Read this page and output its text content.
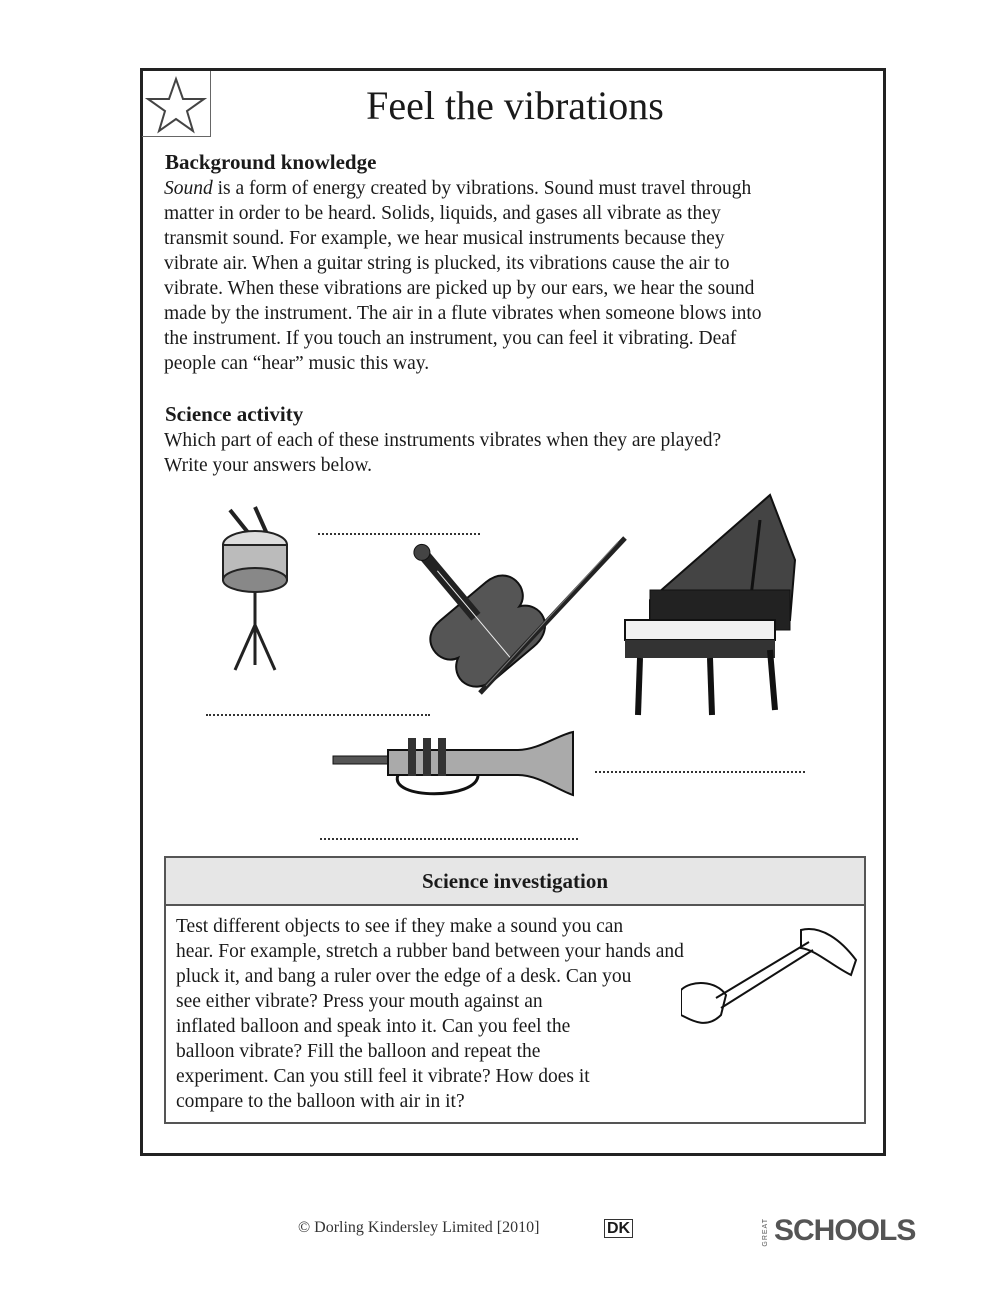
Feel the vibrations
Background knowledge
Sound is a form of energy created by vibrations. Sound must travel through
matter in order to be heard. Solids, liquids, and gases all vibrate as they
transmit sound. For example, we hear musical instruments because they
vibrate air. When a guitar string is plucked, its vibrations cause the air to
vibrate. When these vibrations are picked up by our ears, we hear the sound
made by the instrument. The air in a flute vibrates when someone blows into
the instrument. If you touch an instrument, you can feel it vibrating. Deaf
people can “hear” music this way.
Science activity
Which part of each of these instruments vibrates when they are played?
Write your answers below.
Science investigation
Test different objects to see if they make a sound you can
hear. For example, stretch a rubber band between your hands and
pluck it, and bang a ruler over the edge of a desk. Can you
see either vibrate? Press your mouth against an
inflated balloon and speak into it. Can you feel the
balloon vibrate? Fill the balloon and repeat the
experiment. Can you still feel it vibrate? How does it
compare to the balloon with air in it?
© Dorling Kindersley Limited [2010]	DK	GREAT SCHOOLS
